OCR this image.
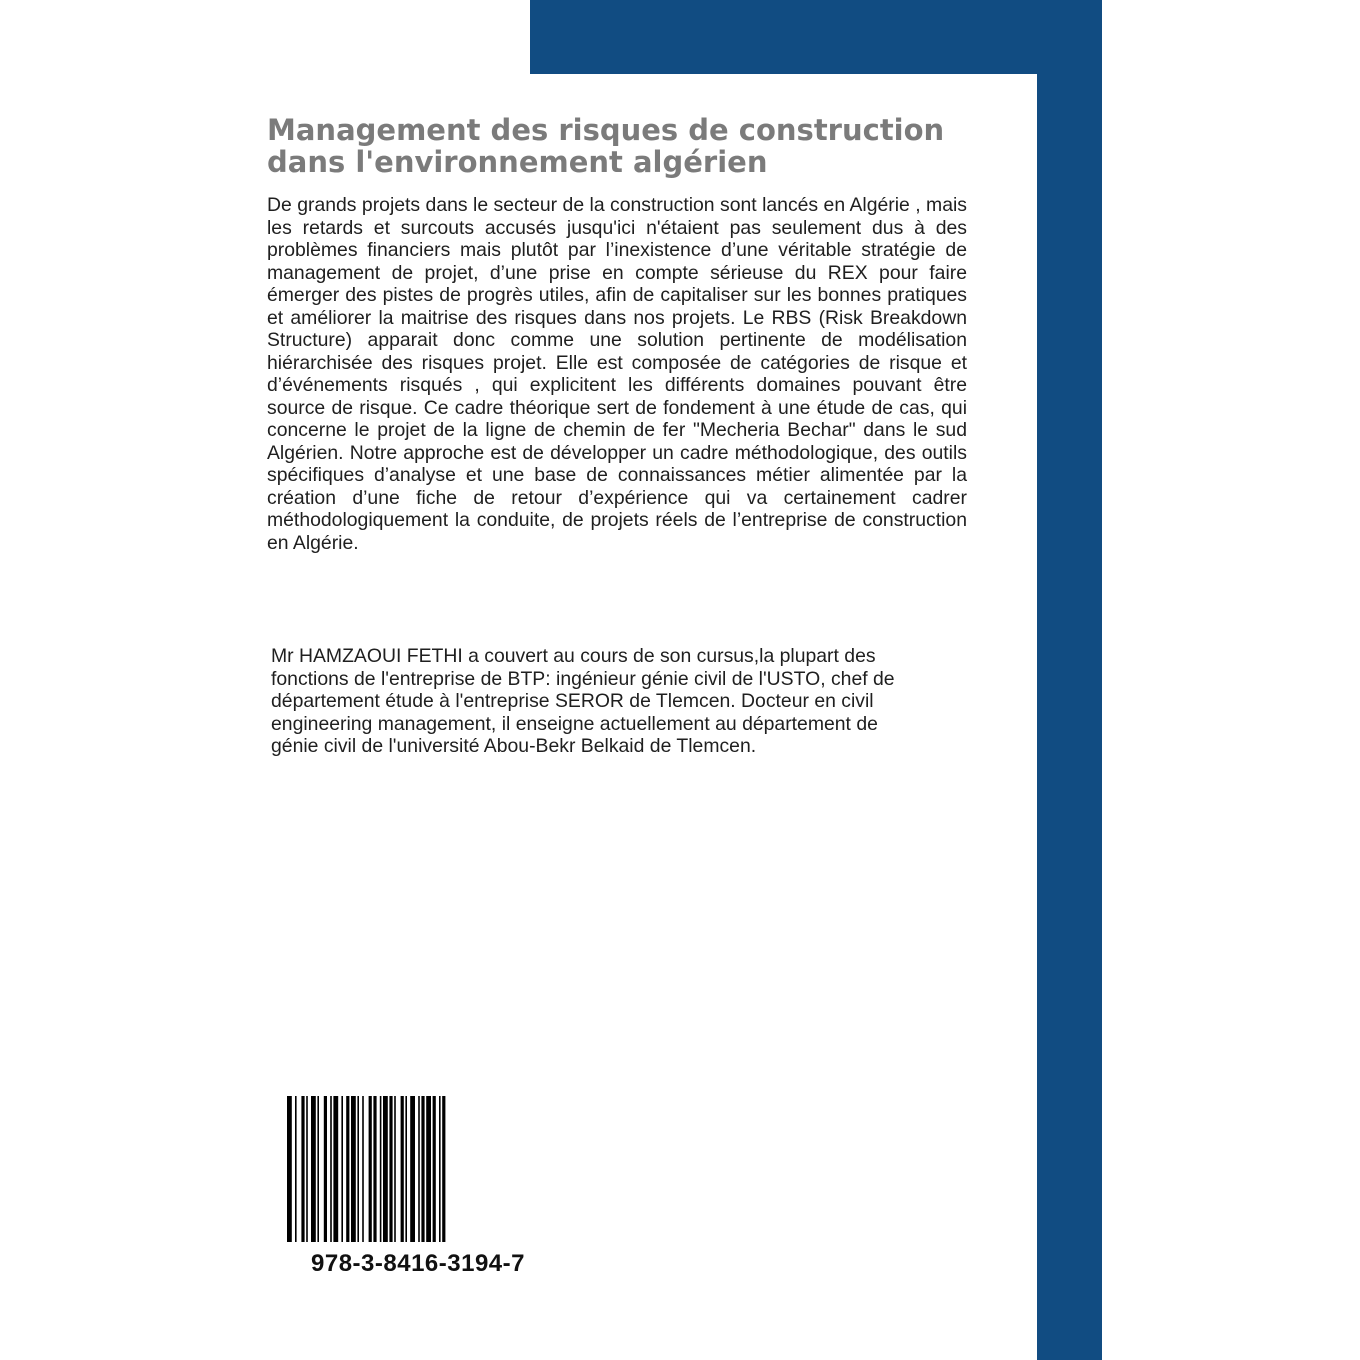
Management des risques de construction
dans l'environnement algérien

De grands projets dans le secteur de la construction sont lancés en Algérie , mais les retards et surcouts accusés jusqu'ici n'étaient pas seulement dus à des problèmes financiers mais plutôt par l’inexistence d’une véritable stratégie de management de projet, d’une prise en compte sérieuse du REX pour faire émerger des pistes de progrès utiles, afin de capitaliser sur les bonnes pratiques et améliorer la maitrise des risques dans nos projets. Le RBS (Risk Breakdown Structure) apparait donc comme une solution pertinente de modélisation hiérarchisée des risques projet. Elle est composée de catégories de risque et d’événements risqués , qui explicitent les différents domaines pouvant être source de risque. Ce cadre théorique sert de fondement à une étude de cas, qui concerne le projet de la ligne de chemin de fer "Mecheria Bechar" dans le sud Algérien. Notre approche est de développer un cadre méthodologique, des outils spécifiques d’analyse et une base de connaissances métier alimentée par la création d’une fiche de retour d’expérience qui va certainement cadrer méthodologiquement la conduite, de projets réels de l’entreprise de construction en Algérie.

Mr HAMZAOUI FETHI a couvert au cours de son cursus,la plupart des
fonctions de l'entreprise de BTP: ingénieur génie civil de l'USTO, chef de
département étude à l'entreprise SEROR de Tlemcen. Docteur en civil
engineering management, il enseigne actuellement au département de
génie civil de l'université Abou-Bekr Belkaid de Tlemcen.

978-3-8416-3194-7
